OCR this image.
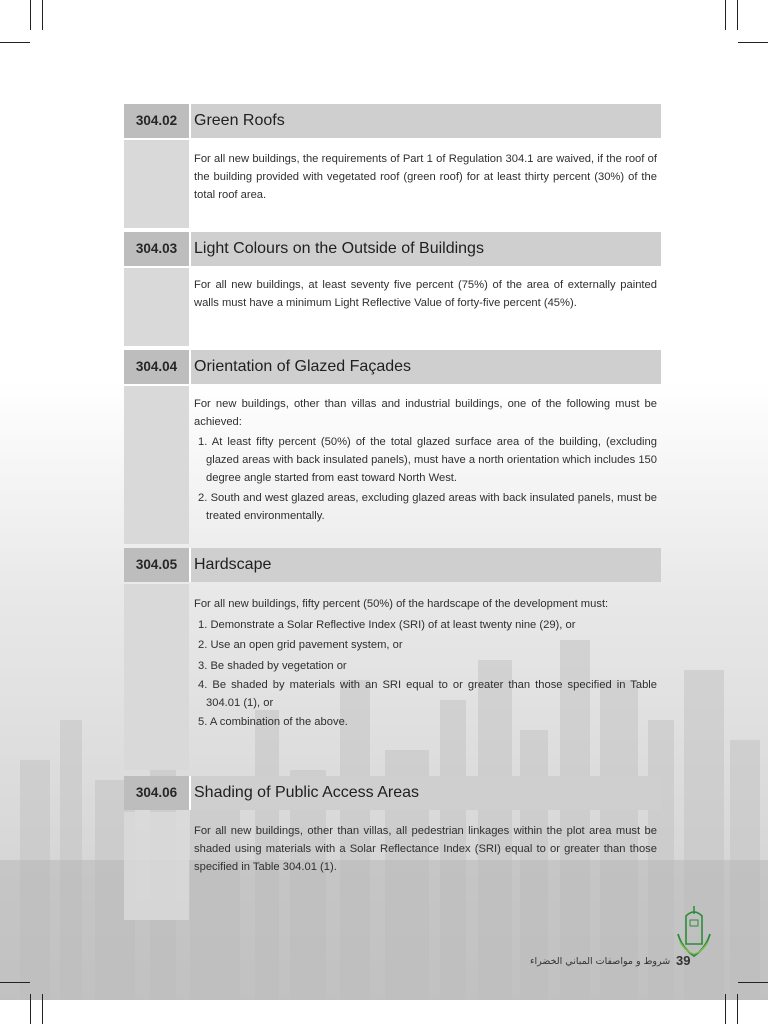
304.02	Green Roofs

For all new buildings, the requirements of Part 1 of Regulation 304.1 are waived, if the roof of the building provided with vegetated roof (green roof) for at least thirty percent (30%) of the total roof area.

304.03	Light Colours on the Outside of Buildings

For all new buildings, at least seventy five percent (75%) of the area of externally painted walls must have a minimum Light Reflective Value of forty-five percent (45%).

304.04	Orientation of Glazed Façades

For new buildings, other than villas and industrial buildings, one of the following must be achieved:

1. At least fifty percent (50%) of the total glazed surface area of the building, (excluding glazed areas with back insulated panels), must have a north orientation which includes 150 degree angle started from east toward North West.
2. South and west glazed areas, excluding glazed areas with back insulated panels, must be treated environmentally.
304.05	Hardscape

For all new buildings, fifty percent (50%) of the hardscape of the development must:

1. Demonstrate a Solar Reflective Index (SRI) of at least twenty nine (29), or
2. Use an open grid pavement system, or
3. Be shaded by vegetation or
4. Be shaded by materials with an SRI equal to or greater than those specified in Table 304.01 (1), or
5. A combination of the above.
304.06	Shading of Public Access Areas

For all new buildings, other than villas, all pedestrian linkages within the plot area must be shaded using materials with a Solar Reflectance Index (SRI) equal to or greater than those specified in Table 304.01 (1).

شروط و مواصفات المباني الخضراء 39
